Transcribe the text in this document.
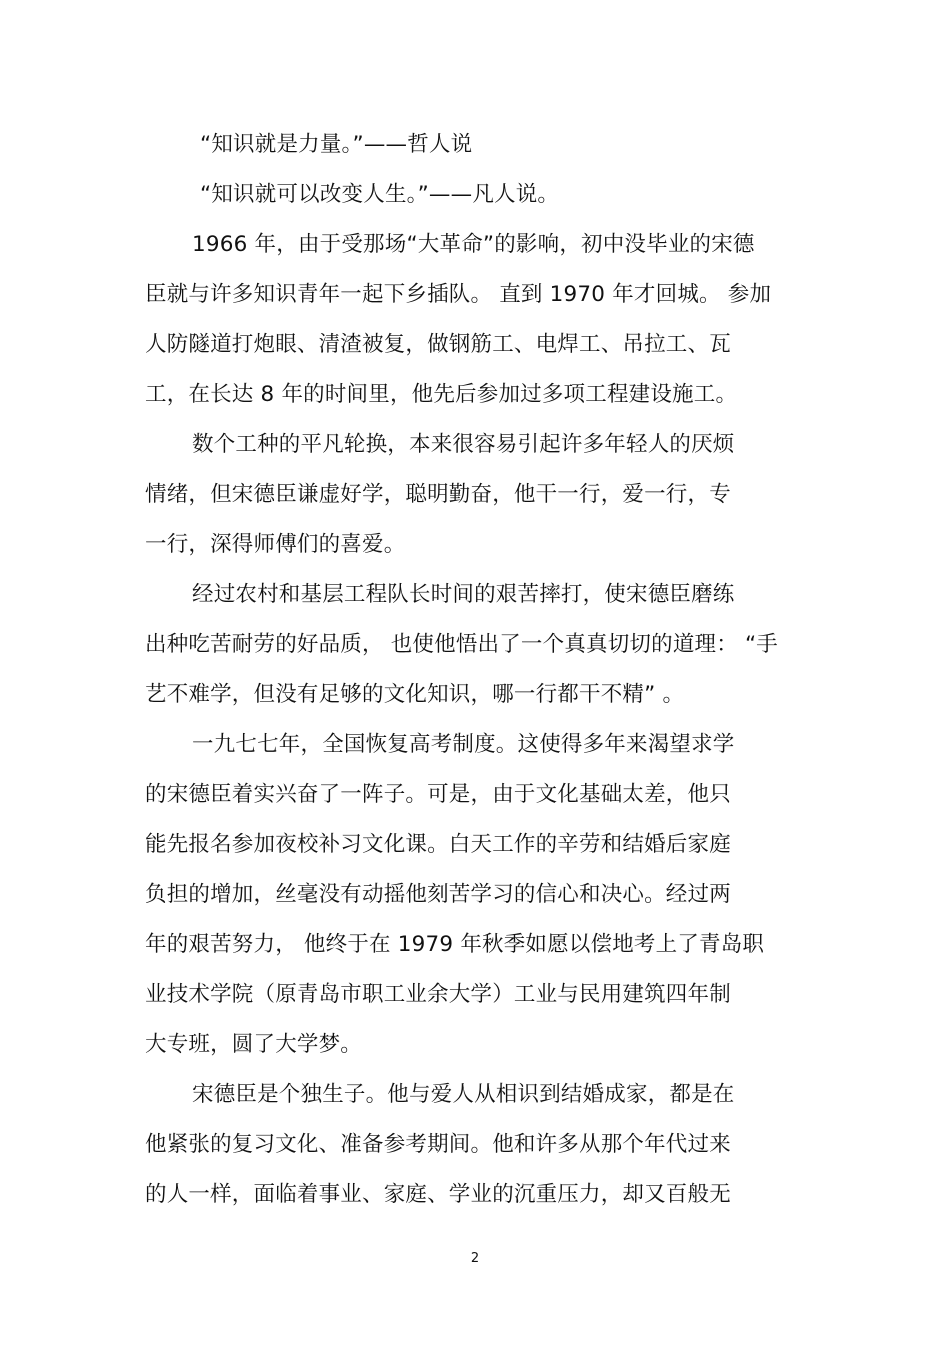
“知识就是力量。”——哲人说

“知识就可以改变人生。”——凡人说。

1966 年，由于受那场“大革命”的影响，初中没毕业的宋德

臣就与许多知识青年一起下乡插队。 直到 1970 年才回城。 参加

人防隧道打炮眼、清渣被复，做钢筋工、电焊工、吊拉工、瓦

工，在长达 8 年的时间里，他先后参加过多项工程建设施工。

数个工种的平凡轮换，本来很容易引起许多年轻人的厌烦

情绪，但宋德臣谦虚好学，聪明勤奋，他干一行，爱一行，专

一行，深得师傅们的喜爱。

经过农村和基层工程队长时间的艰苦摔打，使宋德臣磨练

出种吃苦耐劳的好品质， 也使他悟出了一个真真切切的道理： “手

艺不难学，但没有足够的文化知识，哪一行都干不精” 。

一九七七年，全国恢复高考制度。这使得多年来渴望求学

的宋德臣着实兴奋了一阵子。可是，由于文化基础太差，他只

能先报名参加夜校补习文化课。白天工作的辛劳和结婚后家庭

负担的增加，丝毫没有动摇他刻苦学习的信心和决心。经过两

年的艰苦努力， 他终于在 1979 年秋季如愿以偿地考上了青岛职

业技术学院（原青岛市职工业余大学）工业与民用建筑四年制

大专班，圆了大学梦。

宋德臣是个独生子。他与爱人从相识到结婚成家，都是在

他紧张的复习文化、准备参考期间。他和许多从那个年代过来

的人一样，面临着事业、家庭、学业的沉重压力，却又百般无

2
